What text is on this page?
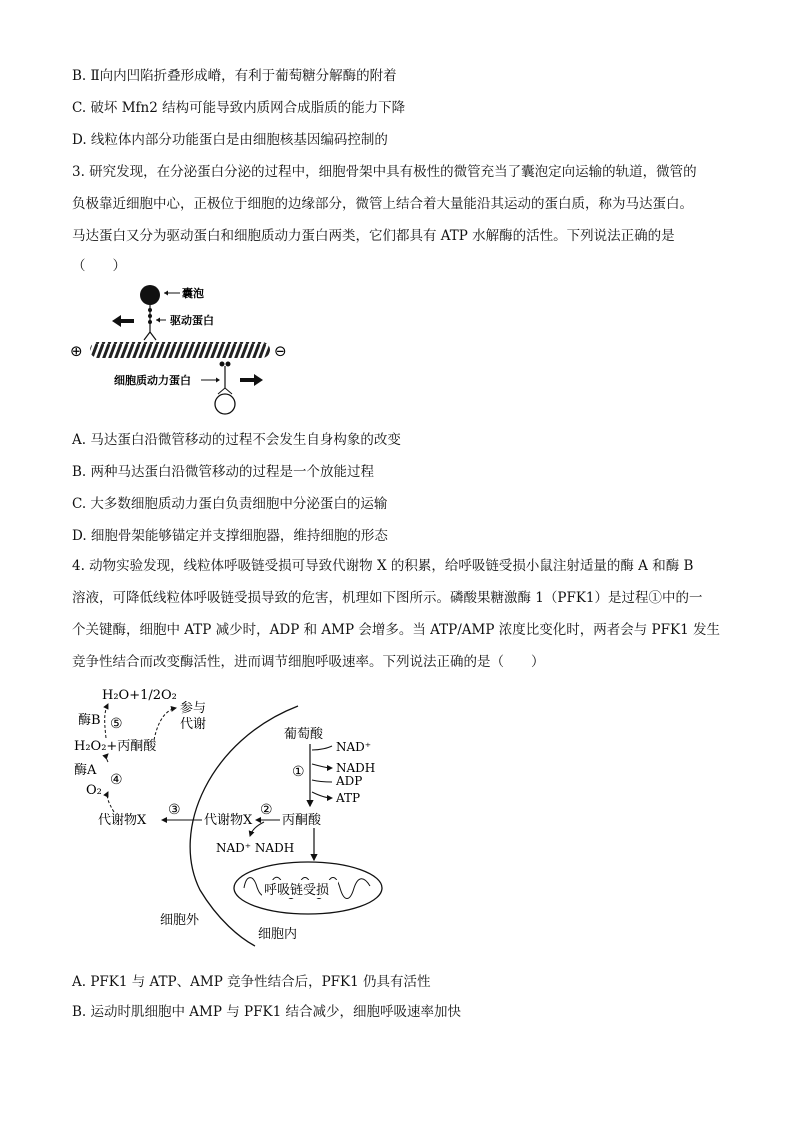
B. Ⅱ向内凹陷折叠形成嵴，有利于葡萄糖分解酶的附着
C. 破坏 Mfn2 结构可能导致内质网合成脂质的能力下降
D. 线粒体内部分功能蛋白是由细胞核基因编码控制的
3. 研究发现，在分泌蛋白分泌的过程中，细胞骨架中具有极性的微管充当了囊泡定向运输的轨道，微管的
负极靠近细胞中心，正极位于细胞的边缘部分，微管上结合着大量能沿其运动的蛋白质，称为马达蛋白。
马达蛋白又分为驱动蛋白和细胞质动力蛋白两类，它们都具有 ATP 水解酶的活性。下列说法正确的是
（　　）
囊泡
驱动蛋白
⊕	⊖
细胞质动力蛋白
A. 马达蛋白沿微管移动的过程不会发生自身构象的改变
B. 两种马达蛋白沿微管移动的过程是一个放能过程
C. 大多数细胞质动力蛋白负责细胞中分泌蛋白的运输
D. 细胞骨架能够锚定并支撑细胞器，维持细胞的形态
4. 动物实验发现，线粒体呼吸链受损可导致代谢物 X 的积累，给呼吸链受损小鼠注射适量的酶 A 和酶 B
溶液，可降低线粒体呼吸链受损导致的危害，机理如下图所示。磷酸果糖激酶 1（PFK1）是过程①中的一
个关键酶，细胞中 ATP 减少时，ADP 和 AMP 会增多。当 ATP/AMP 浓度比变化时，两者会与 PFK1 发生
竞争性结合而改变酶活性，进而调节细胞呼吸速率。下列说法正确的是（　　）
H₂O+1/2O₂
酶B ⑤
参与
代谢
H₂O₂+丙酮酸
酶A
④
O₂
代谢物X
③
代谢物X
②
丙酮酸
NAD⁺ NADH
葡萄酸
①
NAD⁺
NADH
ADP
ATP
呼吸链受损
细胞外
细胞内
A. PFK1 与 ATP、AMP 竞争性结合后，PFK1 仍具有活性
B. 运动时肌细胞中 AMP 与 PFK1 结合减少，细胞呼吸速率加快
